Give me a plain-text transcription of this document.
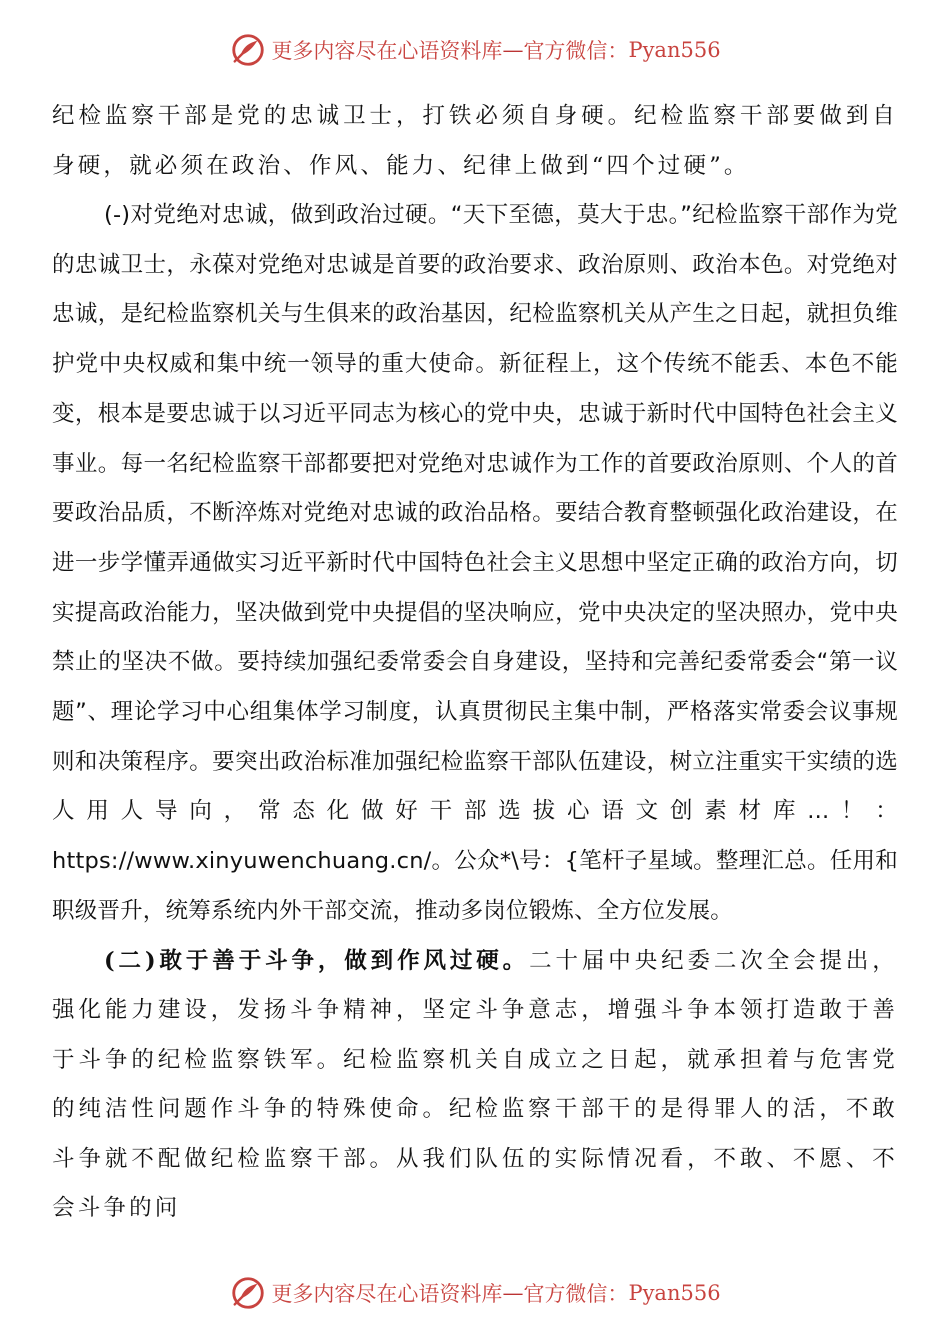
更多内容尽在心语资料库 — 官方微信： Pyan556

纪检监察干部是党的忠诚卫士，打铁必须自身硬。纪检监察干部要做到自身硬，就必须在政治、作风、能力、纪律上做到“四个过硬”。

(-)对党绝对忠诚，做到政治过硬。“天下至德，莫大于忠。”纪检监察干部作为党的忠诚卫士，永葆对党绝对忠诚是首要的政治要求、政治原则、政治本色。对党绝对忠诚，是纪检监察机关与生俱来的政治基因，纪检监察机关从产生之日起，就担负维护党中央权威和集中统一领导的重大使命。新征程上，这个传统不能丢、本色不能变，根本是要忠诚于以习近平同志为核心的党中央，忠诚于新时代中国特色社会主义事业。每一名纪检监察干部都要把对党绝对忠诚作为工作的首要政治原则、个人的首要政治品质，不断淬炼对党绝对忠诚的政治品格。要结合教育整顿强化政治建设，在进一步学懂弄通做实习近平新时代中国特色社会主义思想中坚定正确的政治方向，切实提高政治能力，坚决做到党中央提倡的坚决响应，党中央决定的坚决照办，党中央禁止的坚决不做。要持续加强纪委常委会自身建设，坚持和完善纪委常委会“第一议题”、理论学习中心组集体学习制度，认真贯彻民主集中制，严格落实常委会议事规则和决策程序。要突出政治标准加强纪检监察干部队伍建设，树立注重实干实绩的选人用人导向，常态化做好干部选拔心语文创素材库...！：https://www.xinyuwenchuang.cn/。公众*\号：{笔杆子星域。整理汇总。任用和职级晋升，统筹系统内外干部交流，推动多岗位锻炼、全方位发展。

(二)敢于善于斗争，做到作风过硬。二十届中央纪委二次全会提出，强化能力建设，发扬斗争精神，坚定斗争意志，增强斗争本领打造敢于善于斗争的纪检监察铁军。纪检监察机关自成立之日起，就承担着与危害党的纯洁性问题作斗争的特殊使命。纪检监察干部干的是得罪人的活，不敢斗争就不配做纪检监察干部。从我们队伍的实际情况看，不敢、不愿、不会斗争的问

更多内容尽在心语资料库 — 官方微信： Pyan556
